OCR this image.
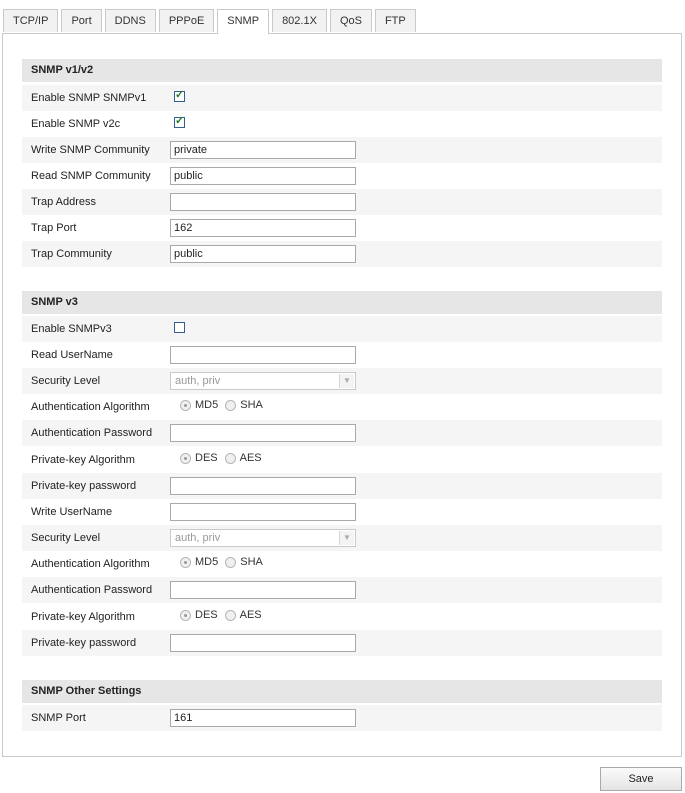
TCP/IP	Port	DDNS	PPPoE	SNMP	802.1X	QoS	FTP
SNMP v1/v2
Enable SNMP SNMPv1	✓
Enable SNMP v2c	✓
Write SNMP Community	private
Read SNMP Community	public
Trap Address
Trap Port	162
Trap Community	public
SNMP v3
Enable SNMPv3
Read UserName
Security Level	auth, priv	▼
Authentication Algorithm	MD5 SHA
Authentication Password
Private-key Algorithm	DES AES
Private-key password
Write UserName
Security Level	auth, priv	▼
Authentication Algorithm	MD5 SHA
Authentication Password
Private-key Algorithm	DES AES
Private-key password
SNMP Other Settings
SNMP Port	161
Save
